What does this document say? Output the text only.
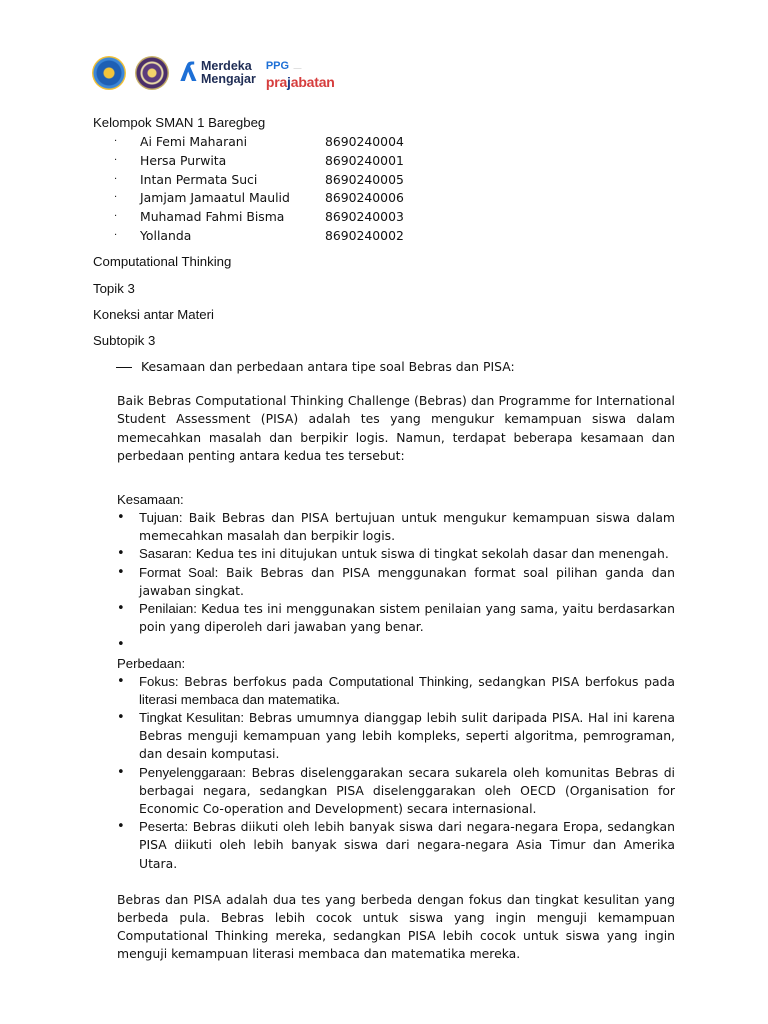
ʎ Merdeka
Mengajar
PPG ——
prajabatan
Kelompok SMAN 1 Baregbeg
· Ai Femi Maharani	8690240004
· Hersa Purwita	8690240001
· Intan Permata Suci	8690240005
· Jamjam Jamaatul Maulid	8690240006
· Muhamad Fahmi Bisma	8690240003
· Yollanda	8690240002
Computational Thinking
Topik 3
Koneksi antar Materi
Subtopik 3
Kesamaan dan perbedaan antara tipe soal Bebras dan PISA:

Baik Bebras Computational Thinking Challenge (Bebras) dan Programme for International Student Assessment (PISA) adalah tes yang mengukur kemampuan siswa dalam memecahkan masalah dan berpikir logis. Namun, terdapat beberapa kesamaan dan perbedaan penting antara kedua tes tersebut:

Kesamaan:
• Tujuan: Baik Bebras dan PISA bertujuan untuk mengukur kemampuan siswa dalam memecahkan masalah dan berpikir logis.
• Sasaran: Kedua tes ini ditujukan untuk siswa di tingkat sekolah dasar dan menengah.
• Format Soal: Baik Bebras dan PISA menggunakan format soal pilihan ganda dan jawaban singkat.
• Penilaian: Kedua tes ini menggunakan sistem penilaian yang sama, yaitu berdasarkan poin yang diperoleh dari jawaban yang benar.
•

Perbedaan:
• Fokus: Bebras berfokus pada Computational Thinking, sedangkan PISA berfokus pada literasi membaca dan matematika.
• Tingkat Kesulitan: Bebras umumnya dianggap lebih sulit daripada PISA. Hal ini karena Bebras menguji kemampuan yang lebih kompleks, seperti algoritma, pemrograman, dan desain komputasi.
• Penyelenggaraan: Bebras diselenggarakan secara sukarela oleh komunitas Bebras di berbagai negara, sedangkan PISA diselenggarakan oleh OECD (Organisation for Economic Co-operation and Development) secara internasional.
• Peserta: Bebras diikuti oleh lebih banyak siswa dari negara-negara Eropa, sedangkan PISA diikuti oleh lebih banyak siswa dari negara-negara Asia Timur dan Amerika Utara.

Bebras dan PISA adalah dua tes yang berbeda dengan fokus dan tingkat kesulitan yang berbeda pula. Bebras lebih cocok untuk siswa yang ingin menguji kemampuan Computational Thinking mereka, sedangkan PISA lebih cocok untuk siswa yang ingin menguji kemampuan literasi membaca dan matematika mereka.
